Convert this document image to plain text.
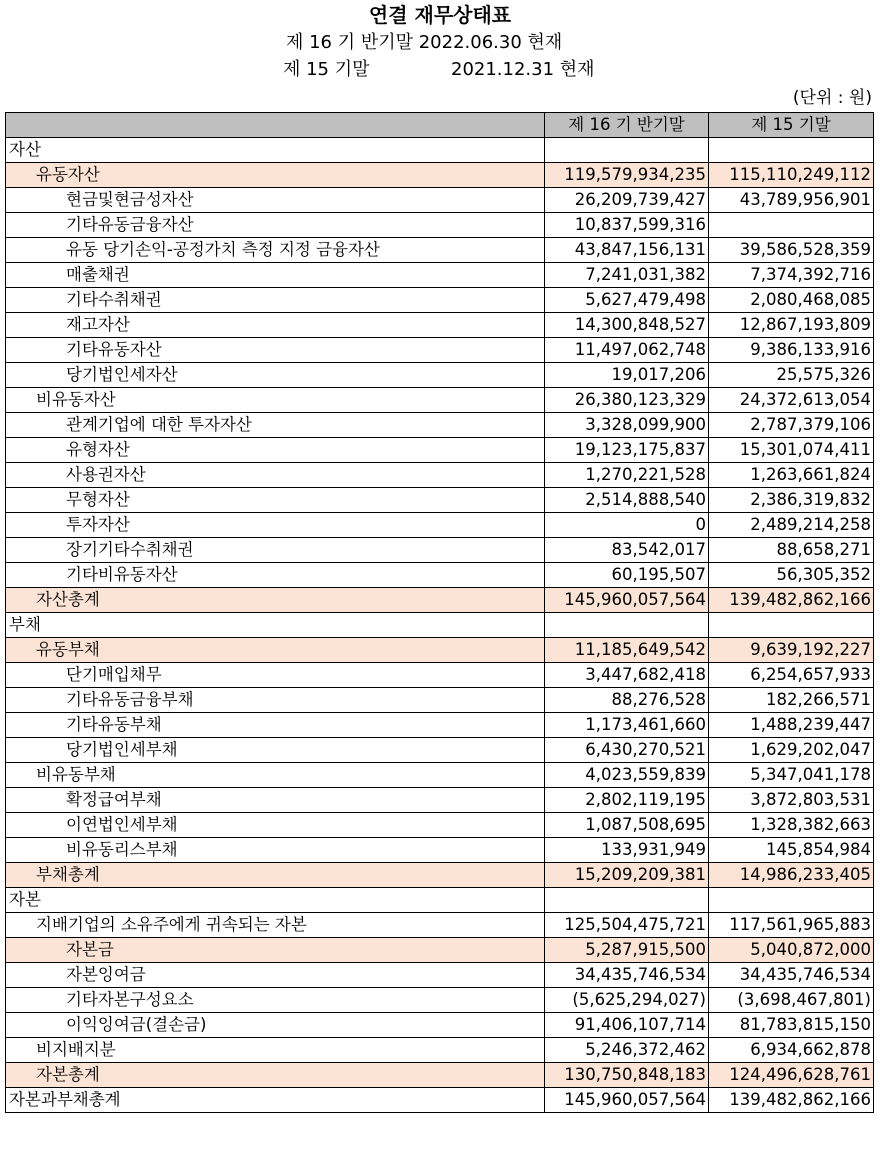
연결 재무상태표
제 16 기 반기말 2022.06.30 현재
제 15 기말	2021.12.31 현재
(단위 : 원)
	제 16 기 반기말	제 15 기말
자산		
유동자산	119,579,934,235	115,110,249,112
현금및현금성자산	26,209,739,427	43,789,956,901
기타유동금융자산	10,837,599,316	
유동 당기손익-공정가치 측정 지정 금융자산	43,847,156,131	39,586,528,359
매출채권	7,241,031,382	7,374,392,716
기타수취채권	5,627,479,498	2,080,468,085
재고자산	14,300,848,527	12,867,193,809
기타유동자산	11,497,062,748	9,386,133,916
당기법인세자산	19,017,206	25,575,326
비유동자산	26,380,123,329	24,372,613,054
관계기업에 대한 투자자산	3,328,099,900	2,787,379,106
유형자산	19,123,175,837	15,301,074,411
사용권자산	1,270,221,528	1,263,661,824
무형자산	2,514,888,540	2,386,319,832
투자자산	0	2,489,214,258
장기기타수취채권	83,542,017	88,658,271
기타비유동자산	60,195,507	56,305,352
자산총계	145,960,057,564	139,482,862,166
부채		
유동부채	11,185,649,542	9,639,192,227
단기매입채무	3,447,682,418	6,254,657,933
기타유동금융부채	88,276,528	182,266,571
기타유동부채	1,173,461,660	1,488,239,447
당기법인세부채	6,430,270,521	1,629,202,047
비유동부채	4,023,559,839	5,347,041,178
확정급여부채	2,802,119,195	3,872,803,531
이연법인세부채	1,087,508,695	1,328,382,663
비유동리스부채	133,931,949	145,854,984
부채총계	15,209,209,381	14,986,233,405
자본		
지배기업의 소유주에게 귀속되는 자본	125,504,475,721	117,561,965,883
자본금	5,287,915,500	5,040,872,000
자본잉여금	34,435,746,534	34,435,746,534
기타자본구성요소	(5,625,294,027)	(3,698,467,801)
이익잉여금(결손금)	91,406,107,714	81,783,815,150
비지배지분	5,246,372,462	6,934,662,878
자본총계	130,750,848,183	124,496,628,761
자본과부채총계	145,960,057,564	139,482,862,166
